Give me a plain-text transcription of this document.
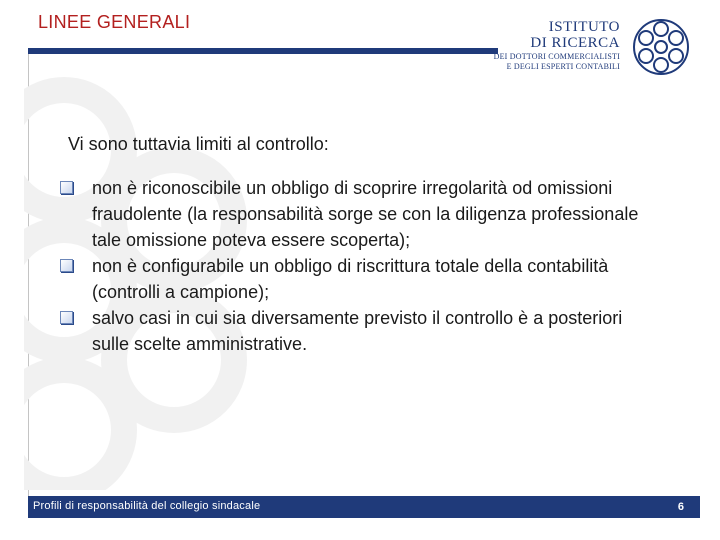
LINEE GENERALI	ISTITUTO
DI RICERCA
DEI DOTTORI COMMERCIALISTI
E DEGLI ESPERTI CONTABILI
Vi sono tuttavia limiti al controllo:
non è riconoscibile un obbligo di scoprire irregolarità od omissioni fraudolente (la responsabilità sorge se con la diligenza professionale tale omissione poteva essere scoperta);
non è configurabile un obbligo di riscrittura totale della contabilità (controlli a campione);
salvo casi in cui sia diversamente previsto il controllo è a posteriori sulle scelte amministrative.
Profili di responsabilità del collegio sindacale	6
